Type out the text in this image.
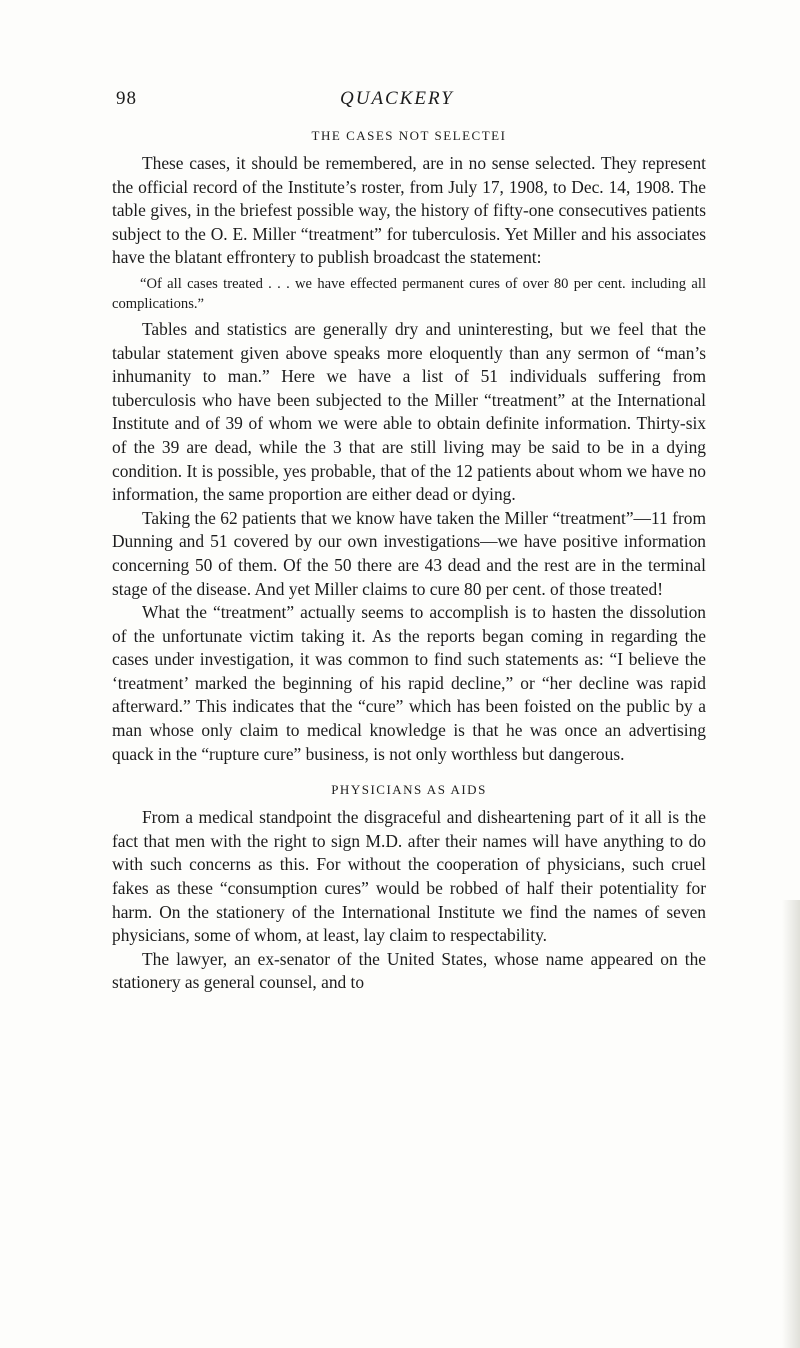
98	QUACKERY
THE CASES NOT SELECTEI

These cases, it should be remembered, are in no sense selected. They represent the official record of the Institute’s roster, from July 17, 1908, to Dec. 14, 1908. The table gives, in the briefest possible way, the history of fifty-one consecutives patients subject to the O. E. Miller “treatment” for tuberculosis. Yet Miller and his associates have the blatant effrontery to publish broadcast the statement:

“Of all cases treated . . . we have effected permanent cures of over 80 per cent. including all complications.”

Tables and statistics are generally dry and uninteresting, but we feel that the tabular statement given above speaks more eloquently than any sermon of “man’s inhumanity to man.” Here we have a list of 51 individuals suffering from tuberculosis who have been subjected to the Miller “treatment” at the International Institute and of 39 of whom we were able to obtain definite information. Thirty-six of the 39 are dead, while the 3 that are still living may be said to be in a dying condition. It is possible, yes probable, that of the 12 patients about whom we have no information, the same proportion are either dead or dying.

Taking the 62 patients that we know have taken the Miller “treatment”—11 from Dunning and 51 covered by our own investigations—we have positive information concerning 50 of them. Of the 50 there are 43 dead and the rest are in the terminal stage of the disease. And yet Miller claims to cure 80 per cent. of those treated!

What the “treatment” actually seems to accomplish is to hasten the dissolution of the unfortunate victim taking it. As the reports began coming in regarding the cases under investigation, it was common to find such statements as: “I believe the ‘treatment’ marked the beginning of his rapid decline,” or “her decline was rapid afterward.” This indicates that the “cure” which has been foisted on the public by a man whose only claim to medical knowledge is that he was once an advertising quack in the “rupture cure” business, is not only worthless but dangerous.

PHYSICIANS AS AIDS

From a medical standpoint the disgraceful and disheartening part of it all is the fact that men with the right to sign M.D. after their names will have anything to do with such concerns as this. For without the cooperation of physicians, such cruel fakes as these “consumption cures” would be robbed of half their potentiality for harm. On the stationery of the International Institute we find the names of seven physicians, some of whom, at least, lay claim to respectability.

The lawyer, an ex-senator of the United States, whose name appeared on the stationery as general counsel, and to
